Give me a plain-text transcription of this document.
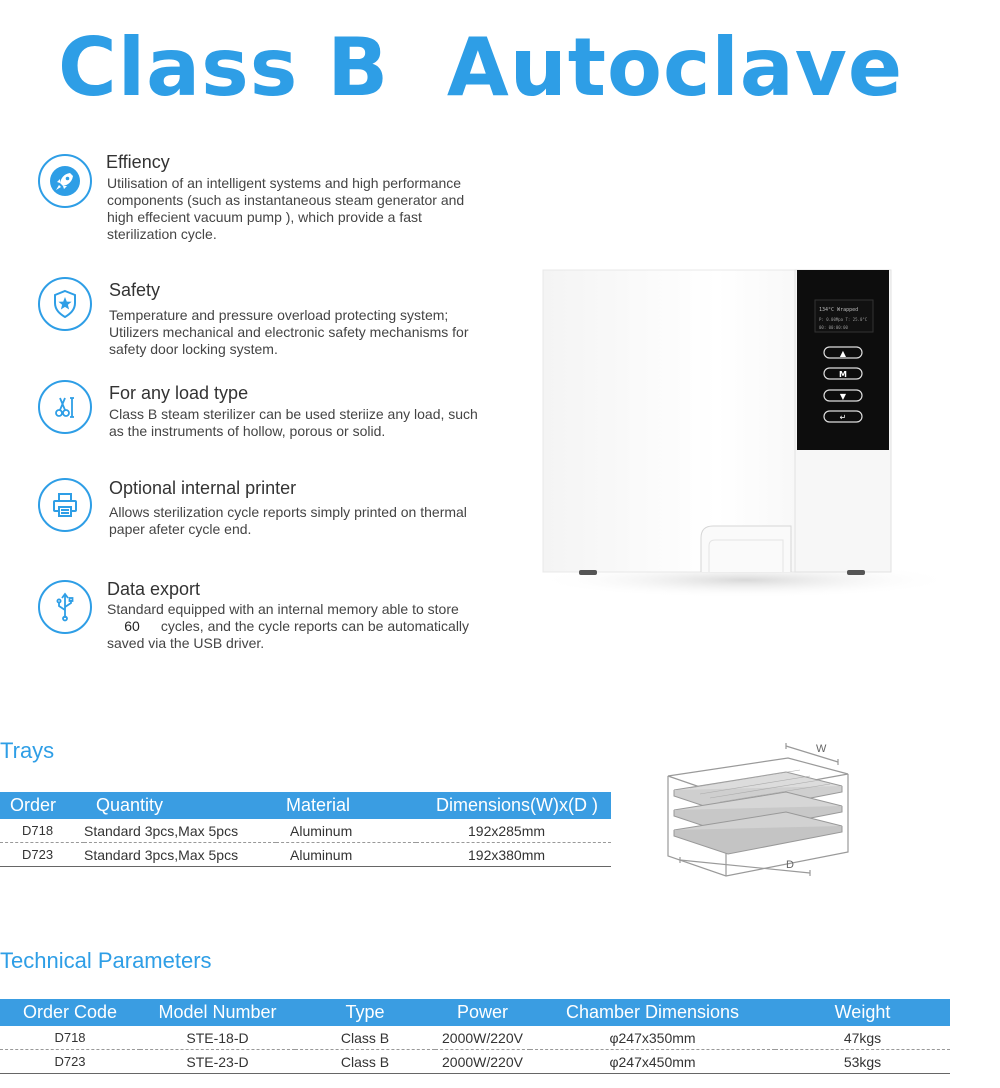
Class B  Autoclave
Effiency

Utilisation of an intelligent systems and high performance components (such as instantaneous steam generator and high effecient vacuum pump ), which provide a fast sterilization cycle.

Safety

Temperature and pressure overload protecting system; Utilizers mechanical and electronic safety mechanisms for safety door locking system.

For any load type

Class B steam sterilizer can be used steriize any load, such as the instruments of hollow, porous or solid.

Optional internal printer

Allows sterilization cycle reports simply printed on thermal paper afeter cycle end.

Data export

Standard equipped with an internal memory able to store
60 cycles, and the cycle reports can be automatically saved via the USB driver.

134°C Wrapped
P: 0.00Mpa T: 25.0°C
00: 00:00:00
▲
M
▼
↵
Trays
Order	Quantity	Material	Dimensions(W)x(D )
D718	Standard 3pcs,Max 5pcs	Aluminum	192x285mm
D723	Standard 3pcs,Max 5pcs	Aluminum	192x380mm
W
D
Technical Parameters
Order Code	Model Number	Type	Power	Chamber Dimensions	Weight
D718	STE-18-D	Class B	2000W/220V	φ247x350mm	47kgs
D723	STE-23-D	Class B	2000W/220V	φ247x450mm	53kgs
